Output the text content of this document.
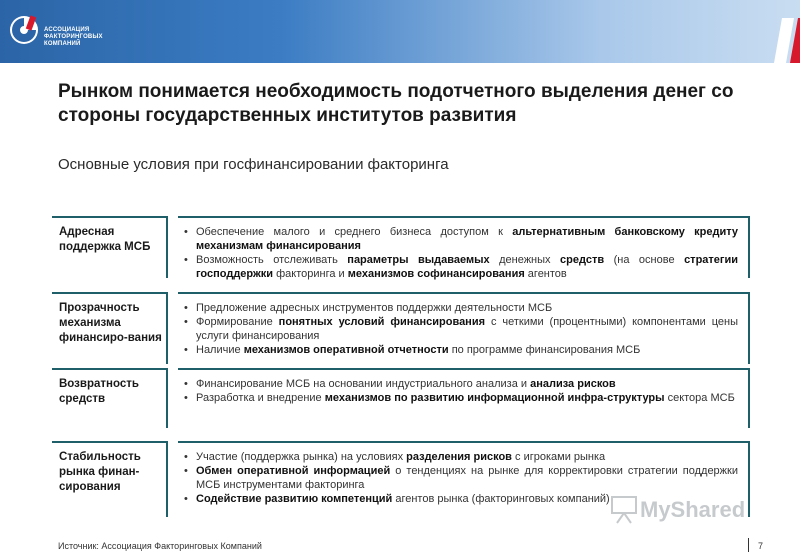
АССОЦИАЦИЯ
ФАКТОРИНГОВЫХ
КОМПАНИЙ
Рынком понимается необходимость подотчетного выделения денег со стороны государственных институтов развития
Основные условия при госфинансировании факторинга
Адресная поддержка МСБ
• Обеспечение малого и среднего бизнеса доступом к альтернативным банковскому кредиту механизмам финансирования
• Возможность отслеживать параметры выдаваемых денежных средств (на основе стратегии господдержки факторинга и механизмов софинансирования агентов
Прозрачность механизма финансиро-вания
• Предложение адресных инструментов поддержки деятельности МСБ
• Формирование понятных условий финансирования с четкими (процентными) компонентами цены услуги финансирования
• Наличие механизмов оперативной отчетности по программе финансирования МСБ
Возвратность средств
• Финансирование МСБ на основании индустриального анализа и анализа рисков
• Разработка и внедрение механизмов по развитию информационной инфра-структуры сектора МСБ
Стабильность рынка финан-сирования
• Участие (поддержка рынка) на условиях разделения рисков с игроками рынка
• Обмен оперативной информацией о тенденциях на рынке для корректировки стратегии поддержки МСБ инструментами факторинга
• Содействие развитию компетенций агентов рынка (факторинговых компаний)	MyShared
Источник: Ассоциация Факторинговых Компаний	7
